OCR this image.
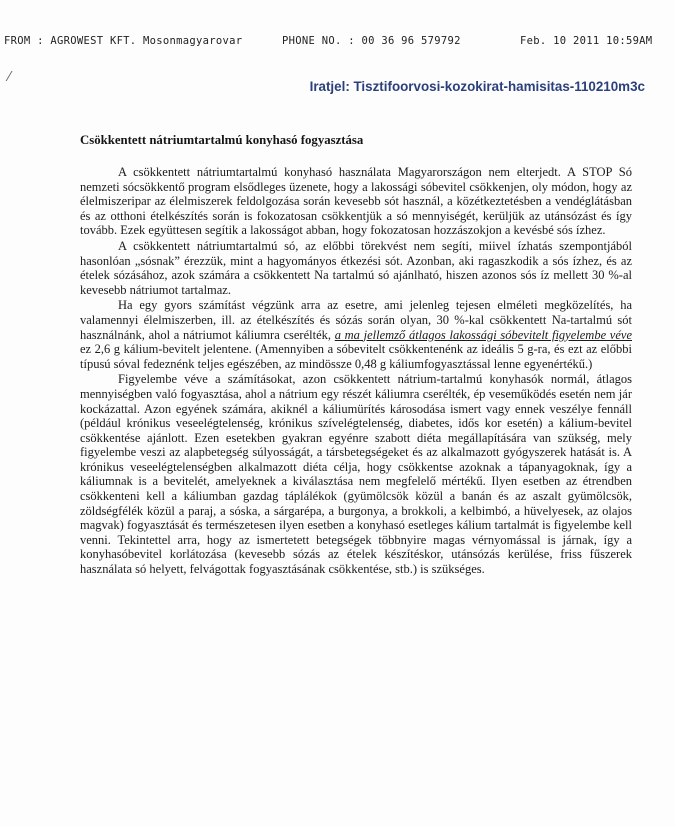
FROM : AGROWEST KFT. Mosonmagyarovar	PHONE NO. : 00 36 96 579792	Feb. 10 2011 10:59AM
⁄
Iratjel: Tisztifoorvosi-kozokirat-hamisitas-110210m3c
Csökkentett nátriumtartalmú konyhasó fogyasztása

A csökkentett nátriumtartalmú konyhasó használata Magyarországon nem elterjedt. A STOP Só nemzeti sócsökkentő program elsődleges üzenete, hogy a lakossági sóbevitel csökkenjen, oly módon, hogy az élelmiszeripar az élelmiszerek feldolgozása során kevesebb sót használ, a közétkeztetésben a vendéglátásban és az otthoni ételkészítés során is fokozatosan csökkentjük a só mennyiségét, kerüljük az utánsózást és így tovább. Ezek együttesen segítik a lakosságot abban, hogy fokozatosan hozzászokjon a kevésbé sós ízhez.

A csökkentett nátriumtartalmú só, az előbbi törekvést nem segíti, miivel ízhatás szempontjából hasonlóan „sósnak” érezzük, mint a hagyományos étkezési sót. Azonban, aki ragaszkodik a sós ízhez, és az ételek sózásához, azok számára a csökkentett Na tartalmú só ajánlható, hiszen azonos sós íz mellett 30 %-al kevesebb nátriumot tartalmaz.

Ha egy gyors számítást végzünk arra az esetre, ami jelenleg tejesen elméleti megközelítés, ha valamennyi élelmiszerben, ill. az ételkészítés és sózás során olyan, 30 %-kal csökkentett Na-tartalmú sót használnánk, ahol a nátriumot káliumra cserélték, a ma jellemző átlagos lakossági sóbevitelt figyelembe véve ez 2,6 g kálium-bevitelt jelentene. (Amennyiben a sóbevitelt csökkentenénk az ideális 5 g-ra, és ezt az előbbi típusú sóval fedeznénk teljes egészében, az mindössze 0,48 g káliumfogyasztással lenne egyenértékű.)

Figyelembe véve a számításokat, azon csökkentett nátrium-tartalmú konyhasók normál, átlagos mennyiségben való fogyasztása, ahol a nátrium egy részét káliumra cserélték, ép veseműködés esetén nem jár kockázattal. Azon egyének számára, akiknél a káliumürítés károsodása ismert vagy ennek veszélye fennáll (például krónikus veseelégtelenség, krónikus szívelégtelenség, diabetes, idős kor esetén) a kálium-bevitel csökkentése ajánlott. Ezen esetekben gyakran egyénre szabott diéta megállapítására van szükség, mely figyelembe veszi az alapbetegség súlyosságát, a társbetegségeket és az alkalmazott gyógyszerek hatását is. A krónikus veseelégtelenségben alkalmazott diéta célja, hogy csökkentse azoknak a tápanyagoknak, így a káliumnak is a bevitelét, amelyeknek a kiválasztása nem megfelelő mértékű. Ilyen esetben az étrendben csökkenteni kell a káliumban gazdag táplálékok (gyümölcsök közül a banán és az aszalt gyümölcsök, zöldségfélék közül a paraj, a sóska, a sárgarépa, a burgonya, a brokkoli, a kelbimbó, a hüvelyesek, az olajos magvak) fogyasztását és természetesen ilyen esetben a konyhasó esetleges kálium tartalmát is figyelembe kell venni. Tekintettel arra, hogy az ismertetett betegségek többnyire magas vérnyomással is járnak, így a konyhasóbevitel korlátozása (kevesebb sózás az ételek készítéskor, utánsózás kerülése, friss fűszerek használata só helyett, felvágottak fogyasztásának csökkentése, stb.) is szükséges.
